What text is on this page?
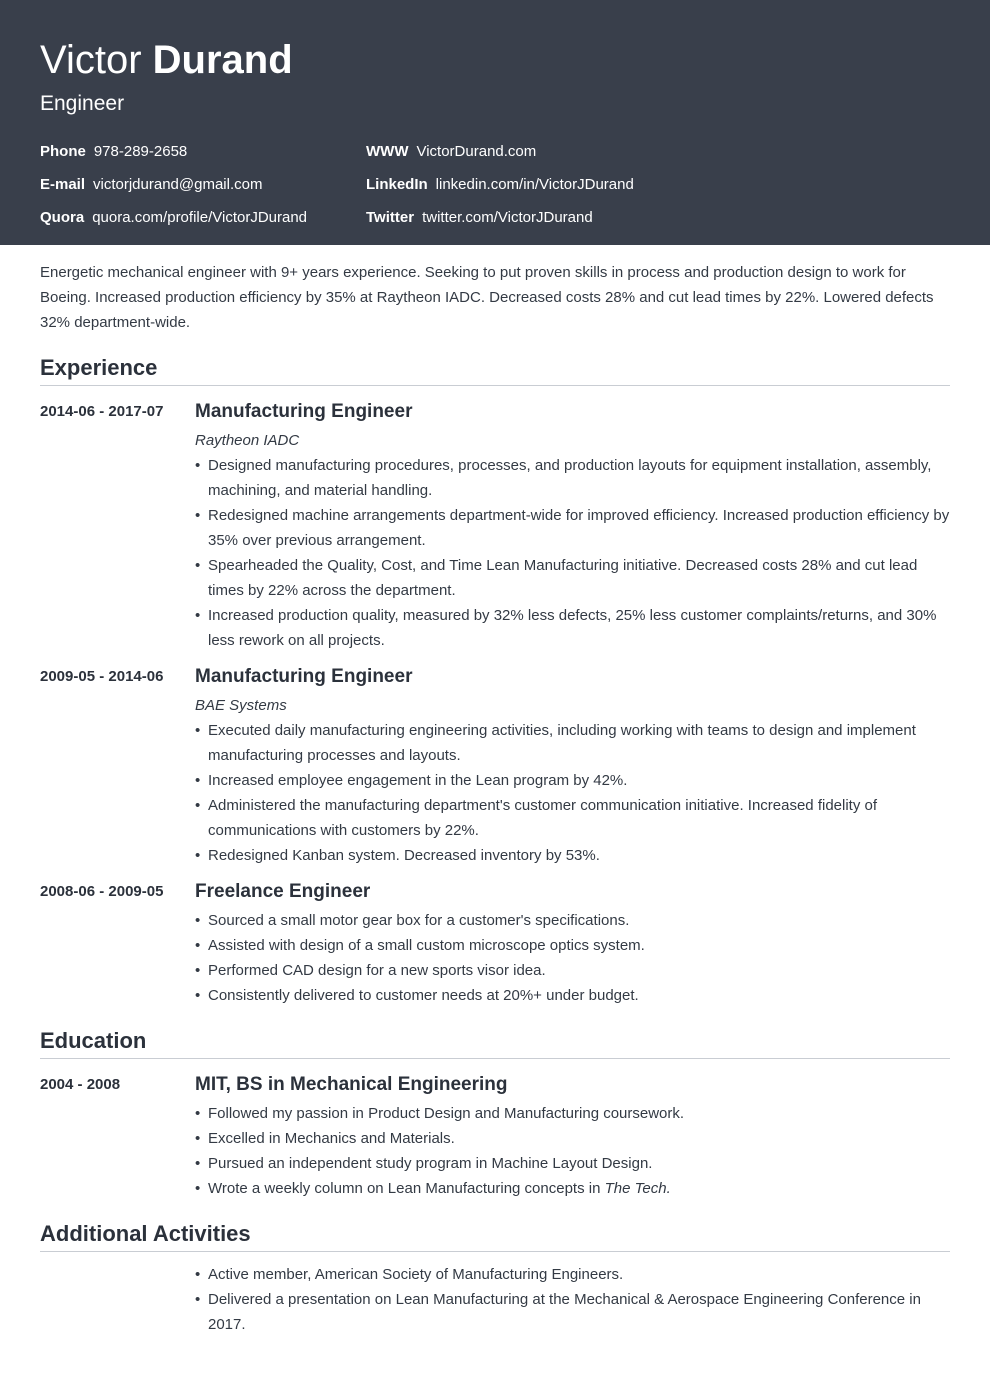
Victor Durand
Engineer
Phone 978-289-2658
E-mail victorjdurand@gmail.com
Quora quora.com/profile/VictorJDurand
WWW VictorDurand.com
LinkedIn linkedin.com/in/VictorJDurand
Twitter twitter.com/VictorJDurand
Energetic mechanical engineer with 9+ years experience. Seeking to put proven skills in process and production design to work for Boeing. Increased production efficiency by 35% at Raytheon IADC. Decreased costs 28% and cut lead times by 22%. Lowered defects 32% department-wide.
Experience
2014-06 - 2017-07 Manufacturing Engineer
Raytheon IADC
• Designed manufacturing procedures, processes, and production layouts for equipment installation, assembly, machining, and material handling.
• Redesigned machine arrangements department-wide for improved efficiency. Increased production efficiency by 35% over previous arrangement.
• Spearheaded the Quality, Cost, and Time Lean Manufacturing initiative. Decreased costs 28% and cut lead times by 22% across the department.
• Increased production quality, measured by 32% less defects, 25% less customer complaints/returns, and 30% less rework on all projects.
2009-05 - 2014-06 Manufacturing Engineer
BAE Systems
• Executed daily manufacturing engineering activities, including working with teams to design and implement manufacturing processes and layouts.
• Increased employee engagement in the Lean program by 42%.
• Administered the manufacturing department's customer communication initiative. Increased fidelity of communications with customers by 22%.
• Redesigned Kanban system. Decreased inventory by 53%.
2008-06 - 2009-05 Freelance Engineer
• Sourced a small motor gear box for a customer's specifications.
• Assisted with design of a small custom microscope optics system.
• Performed CAD design for a new sports visor idea.
• Consistently delivered to customer needs at 20%+ under budget.
Education
2004 - 2008	MIT, BS in Mechanical Engineering
• Followed my passion in Product Design and Manufacturing coursework.
• Excelled in Mechanics and Materials.
• Pursued an independent study program in Machine Layout Design.
• Wrote a weekly column on Lean Manufacturing concepts in The Tech.
Additional Activities
• Active member, American Society of Manufacturing Engineers.
• Delivered a presentation on Lean Manufacturing at the Mechanical & Aerospace Engineering Conference in 2017.
